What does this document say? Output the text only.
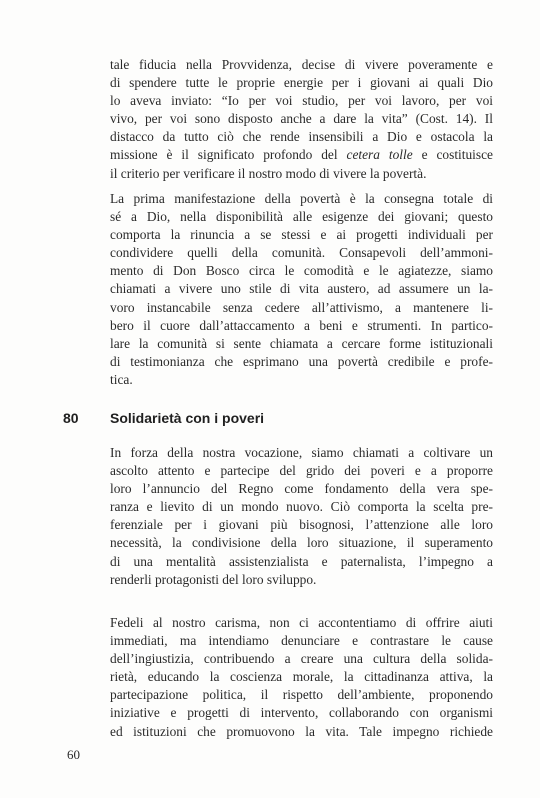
tale fiducia nella Provvidenza, decise di vivere poveramente e
di spendere tutte le proprie energie per i giovani ai quali Dio
lo aveva inviato: “Io per voi studio, per voi lavoro, per voi
vivo, per voi sono disposto anche a dare la vita” (Cost. 14). Il
distacco da tutto ciò che rende insensibili a Dio e ostacola la
missione è il significato profondo del cetera tolle e costituisce
il criterio per verificare il nostro modo di vivere la povertà.
La prima manifestazione della povertà è la consegna totale di
sé a Dio, nella disponibilità alle esigenze dei giovani; questo
comporta la rinuncia a se stessi e ai progetti individuali per
condividere quelli della comunità. Consapevoli dell’ammoni-
mento di Don Bosco circa le comodità e le agiatezze, siamo
chiamati a vivere uno stile di vita austero, ad assumere un la-
voro instancabile senza cedere all’attivismo, a mantenere li-
bero il cuore dall’attaccamento a beni e strumenti. In partico-
lare la comunità si sente chiamata a cercare forme istituzionali
di testimonianza che esprimano una povertà credibile e profe-
tica.
80 Solidarietà con i poveri
In forza della nostra vocazione, siamo chiamati a coltivare un
ascolto attento e partecipe del grido dei poveri e a proporre
loro l’annuncio del Regno come fondamento della vera spe-
ranza e lievito di un mondo nuovo. Ciò comporta la scelta pre-
ferenziale per i giovani più bisognosi, l’attenzione alle loro
necessità, la condivisione della loro situazione, il superamento
di una mentalità assistenzialista e paternalista, l’impegno a
renderli protagonisti del loro sviluppo.
Fedeli al nostro carisma, non ci accontentiamo di offrire aiuti
immediati, ma intendiamo denunciare e contrastare le cause
dell’ingiustizia, contribuendo a creare una cultura della solida-
rietà, educando la coscienza morale, la cittadinanza attiva, la
partecipazione politica, il rispetto dell’ambiente, proponendo
iniziative e progetti di intervento, collaborando con organismi
ed istituzioni che promuovono la vita. Tale impegno richiede
60
